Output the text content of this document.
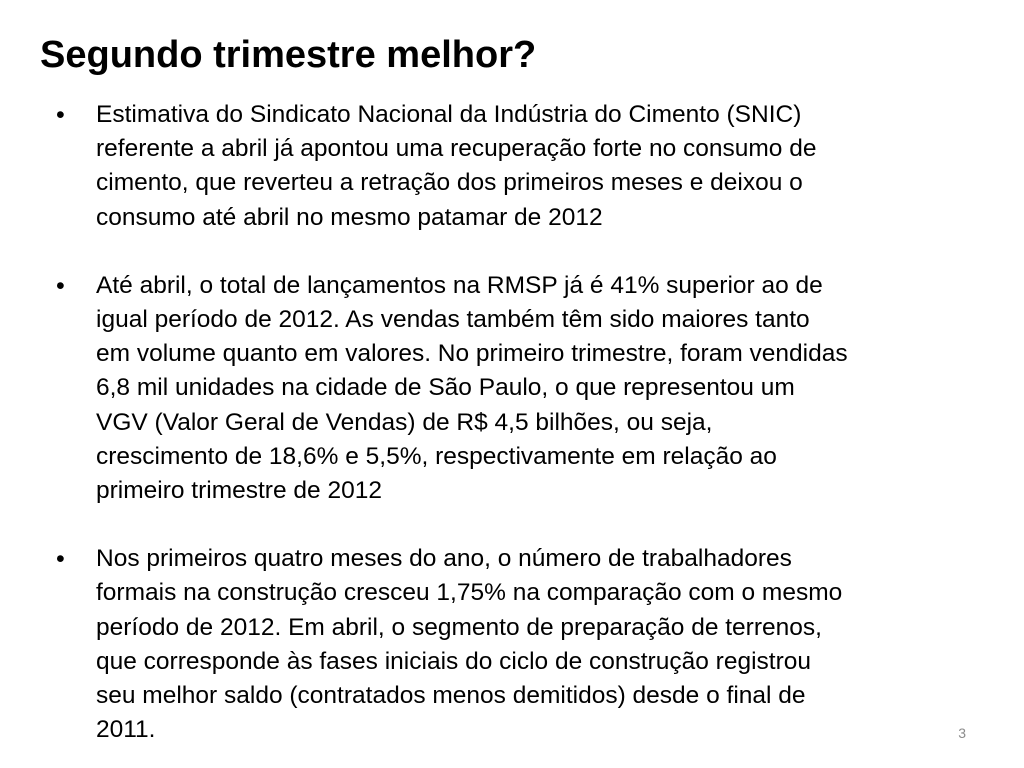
Segundo trimestre melhor?
• Estimativa do Sindicato Nacional da Indústria do Cimento (SNIC)
referente a abril já apontou uma recuperação forte no consumo de
cimento, que reverteu a retração dos primeiros meses e deixou o
consumo até abril no mesmo patamar de 2012
• Até abril, o total de lançamentos na RMSP já é 41% superior ao de
igual período de 2012. As vendas também têm sido maiores tanto
em volume quanto em valores. No primeiro trimestre, foram vendidas
6,8 mil unidades na cidade de São Paulo, o que representou um
VGV (Valor Geral de Vendas) de R$ 4,5 bilhões, ou seja,
crescimento de 18,6% e 5,5%, respectivamente em relação ao
primeiro trimestre de 2012
• Nos primeiros quatro meses do ano, o número de trabalhadores
formais na construção cresceu 1,75% na comparação com o mesmo
período de 2012. Em abril, o segmento de preparação de terrenos,
que corresponde às fases iniciais do ciclo de construção registrou
seu melhor saldo (contratados menos demitidos) desde o final de
2011.	3
